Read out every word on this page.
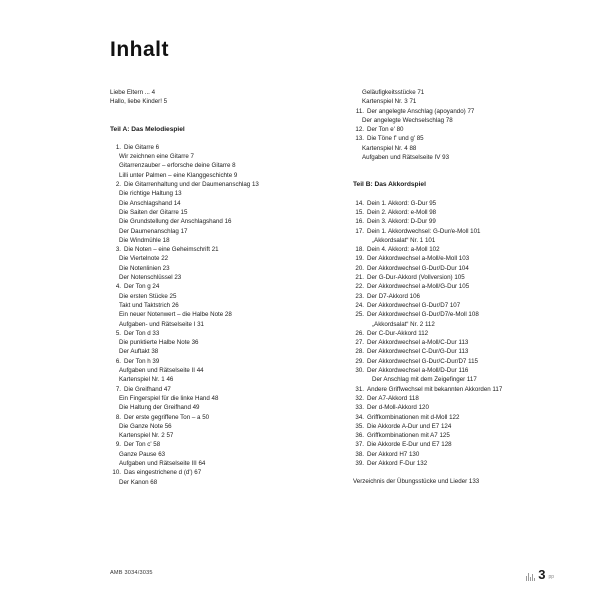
Inhalt
Liebe Eltern ... 4
Hallo, liebe Kinder! 5
Teil A: Das Melodiespiel
1. Die Gitarre 6
Wir zeichnen eine Gitarre 7
Gitarrenzauber – erforsche deine Gitarre 8
Lilli unter Palmen – eine Klanggeschichte 9
2. Die Gitarrenhaltung und der Daumenanschlag 13
Die richtige Haltung 13
Die Anschlagshand 14
Die Saiten der Gitarre 15
Die Grundstellung der Anschlagshand 16
Der Daumenanschlag 17
Die Windmühle 18
3. Die Noten – eine Geheimschrift 21
Die Viertelnote 22
Die Notenlinien 23
Der Notenschlüssel 23
4. Der Ton g 24
Die ersten Stücke 25
Takt und Taktstrich 26
Ein neuer Notenwert – die Halbe Note 28
Aufgaben- und Rätselseite I 31
5. Der Ton d 33
Die punktierte Halbe Note 36
Der Auftakt 38
6. Der Ton h 39
Aufgaben und Rätselseite II 44
Kartenspiel Nr. 1 46
7. Die Greifhand 47
Ein Fingerspiel für die linke Hand 48
Die Haltung der Greifhand 49
8. Der erste gegriffene Ton – a 50
Die Ganze Note 56
Kartenspiel Nr. 2 57
9. Der Ton c' 58
Ganze Pause 63
Aufgaben und Rätselseite III 64
10. Das eingestrichene d (d') 67
Der Kanon 68
Geläufigkeitsstücke 71
Kartenspiel Nr. 3 71
11. Der angelegte Anschlag (apoyando) 77
Der angelegte Wechselschlag 78
12. Der Ton e' 80
13. Die Töne f' und g' 85
Kartenspiel Nr. 4 88
Aufgaben und Rätselseite IV 93
Teil B: Das Akkordspiel
14. Dein 1. Akkord: G-Dur 95
15. Dein 2. Akkord: e-Moll 98
16. Dein 3. Akkord: D-Dur 99
17. Dein 1. Akkordwechsel: G-Dur/e-Moll 101
„Akkordsalat“ Nr. 1 101
18. Dein 4. Akkord: a-Moll 102
19. Der Akkordwechsel a-Moll/e-Moll 103
20. Der Akkordwechsel G-Dur/D-Dur 104
21. Der G-Dur-Akkord (Vollversion) 105
22. Der Akkordwechsel a-Moll/G-Dur 105
23. Der D7-Akkord 106
24. Der Akkordwechsel G-Dur/D7 107
25. Der Akkordwechsel G-Dur/D7/e-Moll 108
„Akkordsalat“ Nr. 2 112
26. Der C-Dur-Akkord 112
27. Der Akkordwechsel a-Moll/C-Dur 113
28. Der Akkordwechsel C-Dur/G-Dur 113
29. Der Akkordwechsel G-Dur/C-Dur/D7 115
30. Der Akkordwechsel a-Moll/D-Dur 116
Der Anschlag mit dem Zeigefinger 117
31. Andere Griffwechsel mit bekannten Akkorden 117
32. Der A7-Akkord 118
33. Der d-Moll-Akkord 120
34. Griffkombinationen mit d-Moll 122
35. Die Akkorde A-Dur und E7 124
36. Griffkombinationen mit A7 125
37. Die Akkorde E-Dur und E7 128
38. Der Akkord H7 130
39. Der Akkord F-Dur 132
Verzeichnis der Übungsstücke und Lieder 133
AMB 3034/3035	3 pp
